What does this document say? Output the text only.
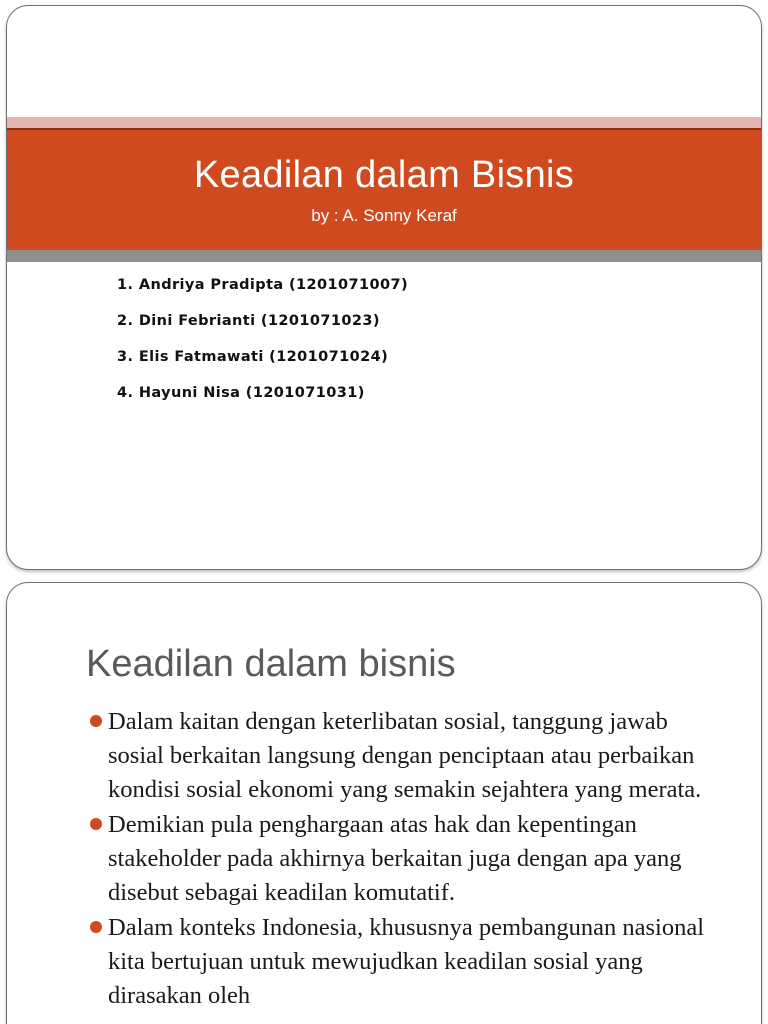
Keadilan dalam Bisnis
by : A. Sonny Keraf
1. Andriya Pradipta (1201071007)
2. Dini Febrianti (1201071023)
3. Elis Fatmawati (1201071024)
4. Hayuni Nisa (1201071031)
Keadilan dalam bisnis
Dalam kaitan dengan keterlibatan sosial, tanggung jawab sosial berkaitan langsung dengan penciptaan atau perbaikan kondisi sosial ekonomi yang semakin sejahtera yang merata.
Demikian pula penghargaan atas hak dan kepentingan stakeholder pada akhirnya berkaitan juga dengan apa yang disebut sebagai keadilan komutatif.
Dalam konteks Indonesia, khususnya pembangunan nasional kita bertujuan untuk mewujudkan keadilan sosial yang dirasakan oleh
